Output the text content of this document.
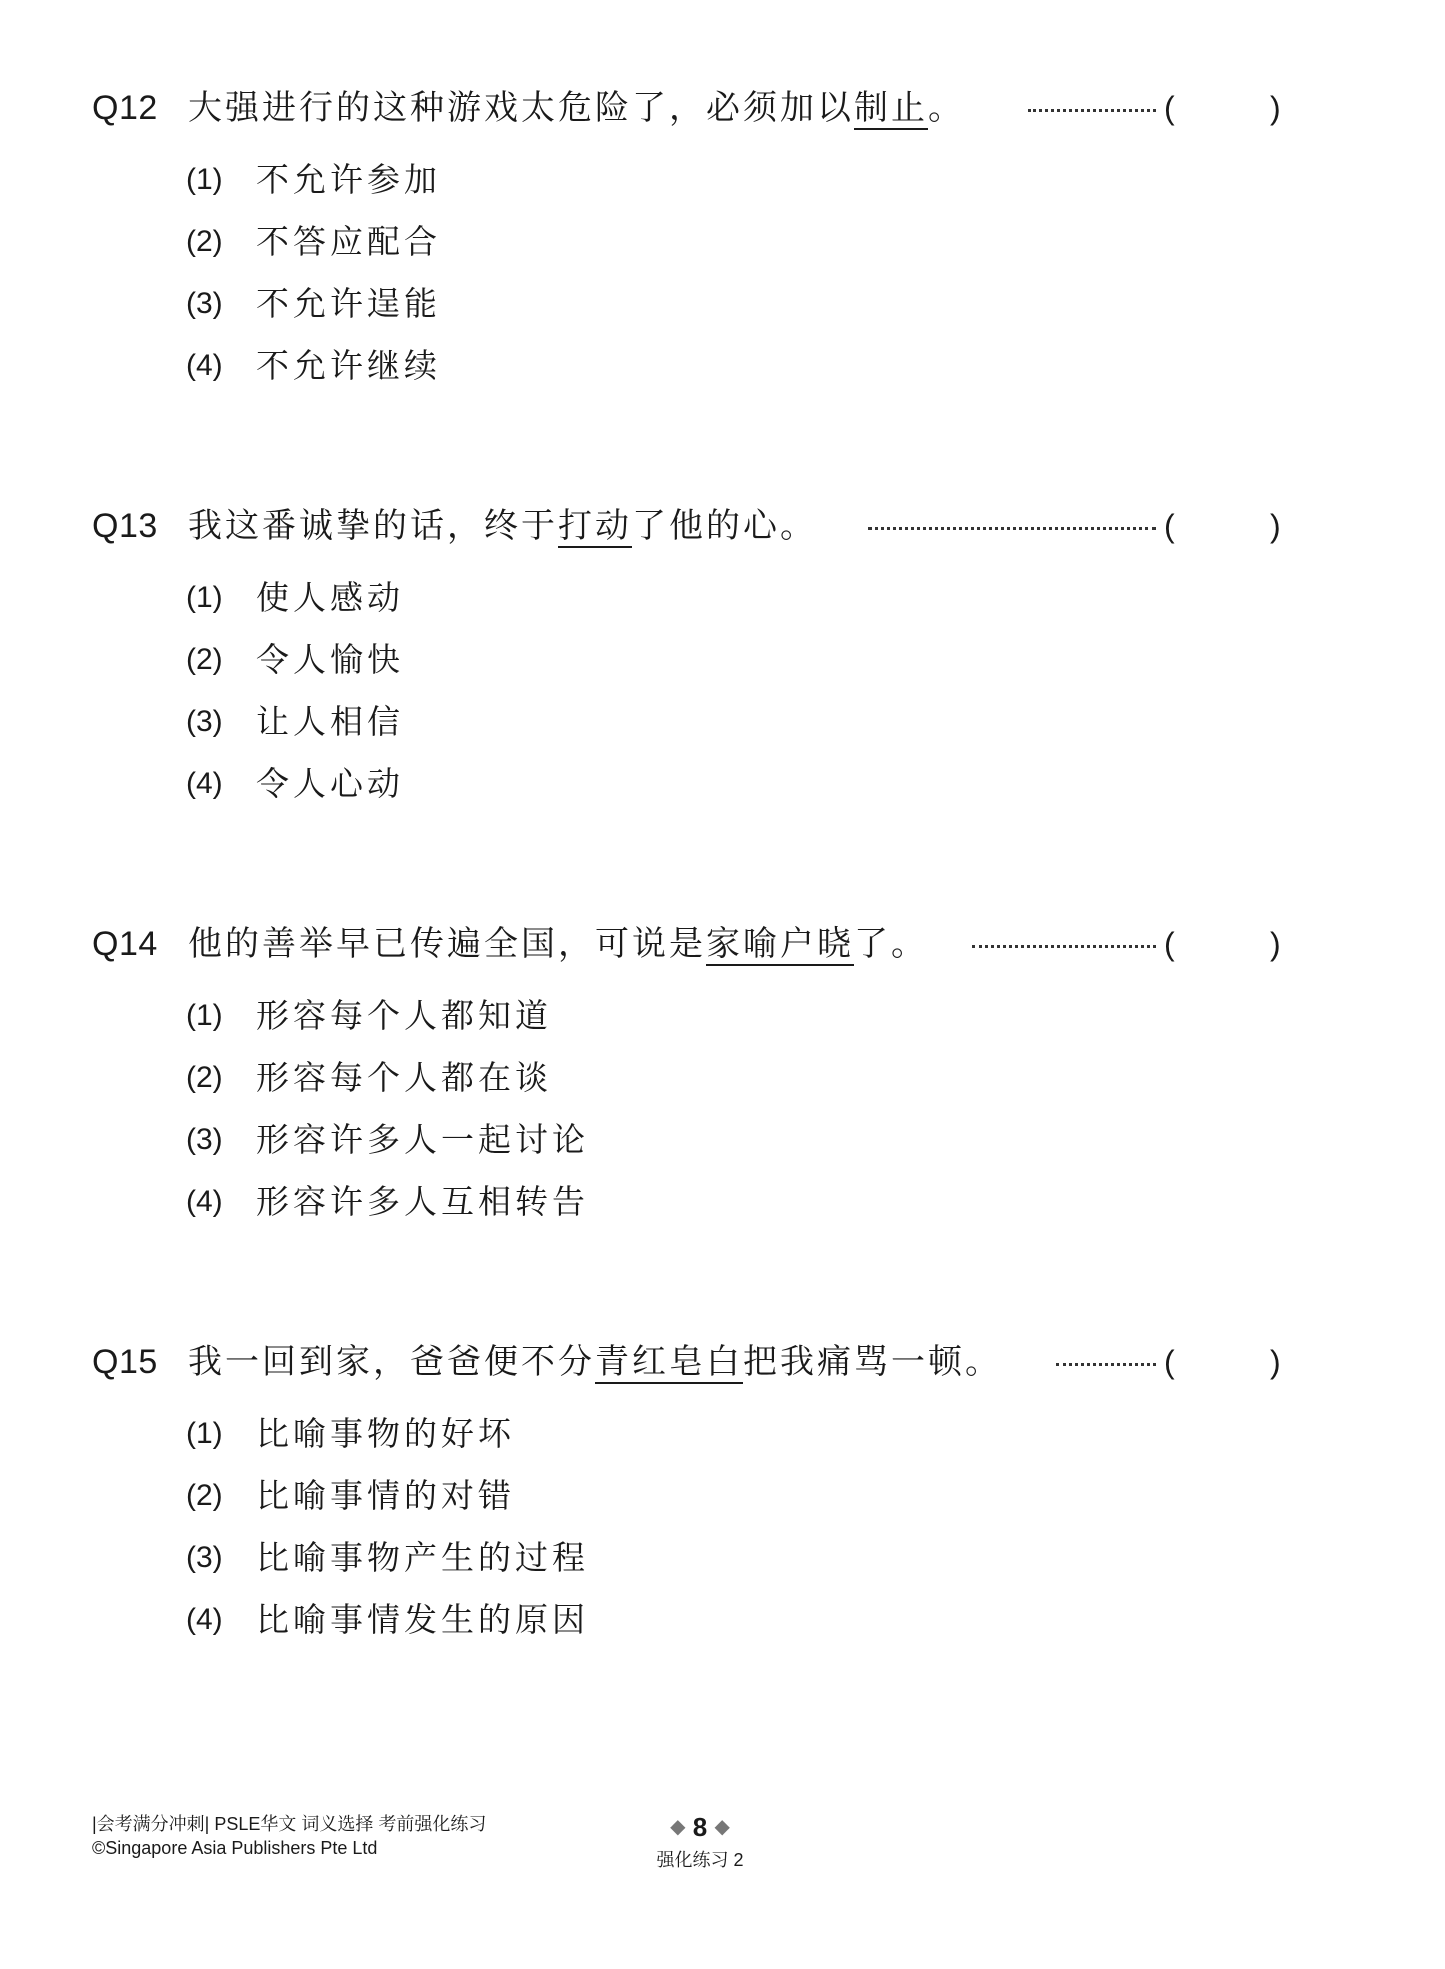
Q12 大强进行的这种游戏太危险了，必须加以制止。	(	)
(1) 不允许参加
(2) 不答应配合
(3) 不允许逞能
(4) 不允许继续
Q13 我这番诚挚的话，终于打动了他的心。	(	)
(1) 使人感动
(2) 令人愉快
(3) 让人相信
(4) 令人心动
Q14 他的善举早已传遍全国，可说是家喻户晓了。	(	)
(1) 形容每个人都知道
(2) 形容每个人都在谈
(3) 形容许多人一起讨论
(4) 形容许多人互相转告
Q15 我一回到家，爸爸便不分青红皂白把我痛骂一顿。	(	)
(1) 比喻事物的好坏
(2) 比喻事情的对错
(3) 比喻事物产生的过程
(4) 比喻事情发生的原因
|会考满分冲刺| PSLE华文 词义选择 考前强化练习
©Singapore Asia Publishers Pte Ltd
◆ 8 ◆
强化练习 2
